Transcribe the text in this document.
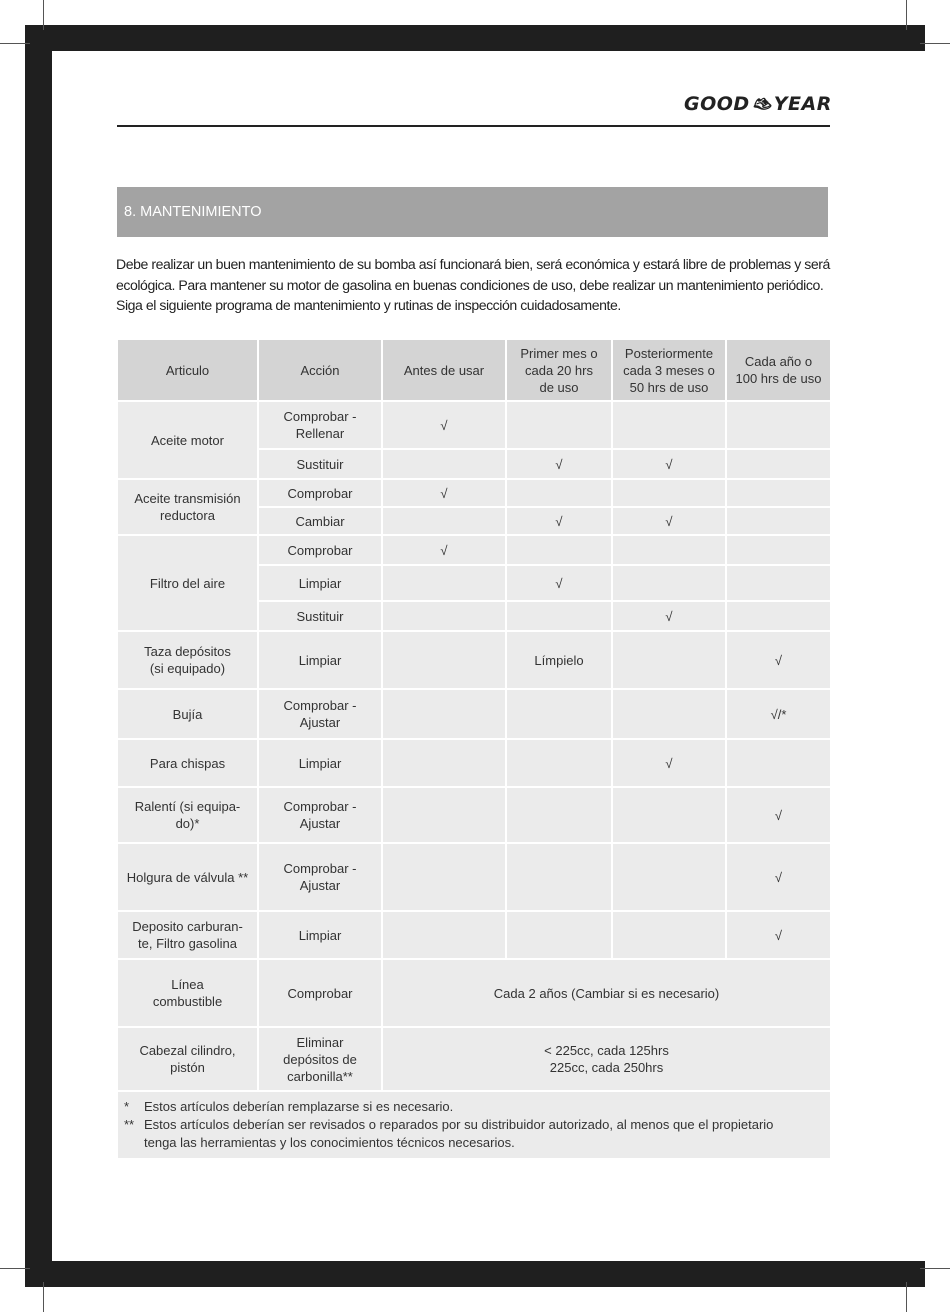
GOOD👟︎YEAR
8. MANTENIMIENTO

Debe realizar un buen mantenimiento de su bomba así funcionará bien, será económica y estará libre de problemas y será
ecológica. Para mantener su motor de gasolina en buenas condiciones de uso, debe realizar un mantenimiento periódico.
Siga el siguiente programa de mantenimiento y rutinas de inspección cuidadosamente.

Articulo	Acción	Antes de usar	Primer mes o
cada 20 hrs
de uso	Posteriormente
cada 3 meses o
50 hrs de uso	Cada año o
100 hrs de uso

Aceite motor	Comprobar -
Rellenar	√			

	Sustituir		√	√	

Aceite transmisión
reductora	Comprobar	√			

	Cambiar		√	√	

Filtro del aire	Comprobar	√			

	Limpiar		√		

	Sustituir			√	

Taza depósitos
(si equipado)	Limpiar		Límpielo		√

Bujía	Comprobar -
Ajustar				√/*

Para chispas	Limpiar			√	

Ralentí (si equipa-
do)*	Comprobar -
Ajustar				√

Holgura de válvula **	Comprobar -
Ajustar				√

Deposito carburan-
te, Filtro gasolina	Limpiar				√

Línea
combustible	Comprobar	Cada 2 años (Cambiar si es necesario)			

Cabezal cilindro,
pistón	Eliminar
depósitos de
carbonilla**	< 225cc, cada 125hrs
225cc, cada 250hrs			

* Estos artículos deberían remplazarse si es necesario.
** Estos artículos deberían ser revisados o reparados por su distribuidor autorizado, al menos que el propietario
tenga las herramientas y los conocimientos técnicos necesarios.					
